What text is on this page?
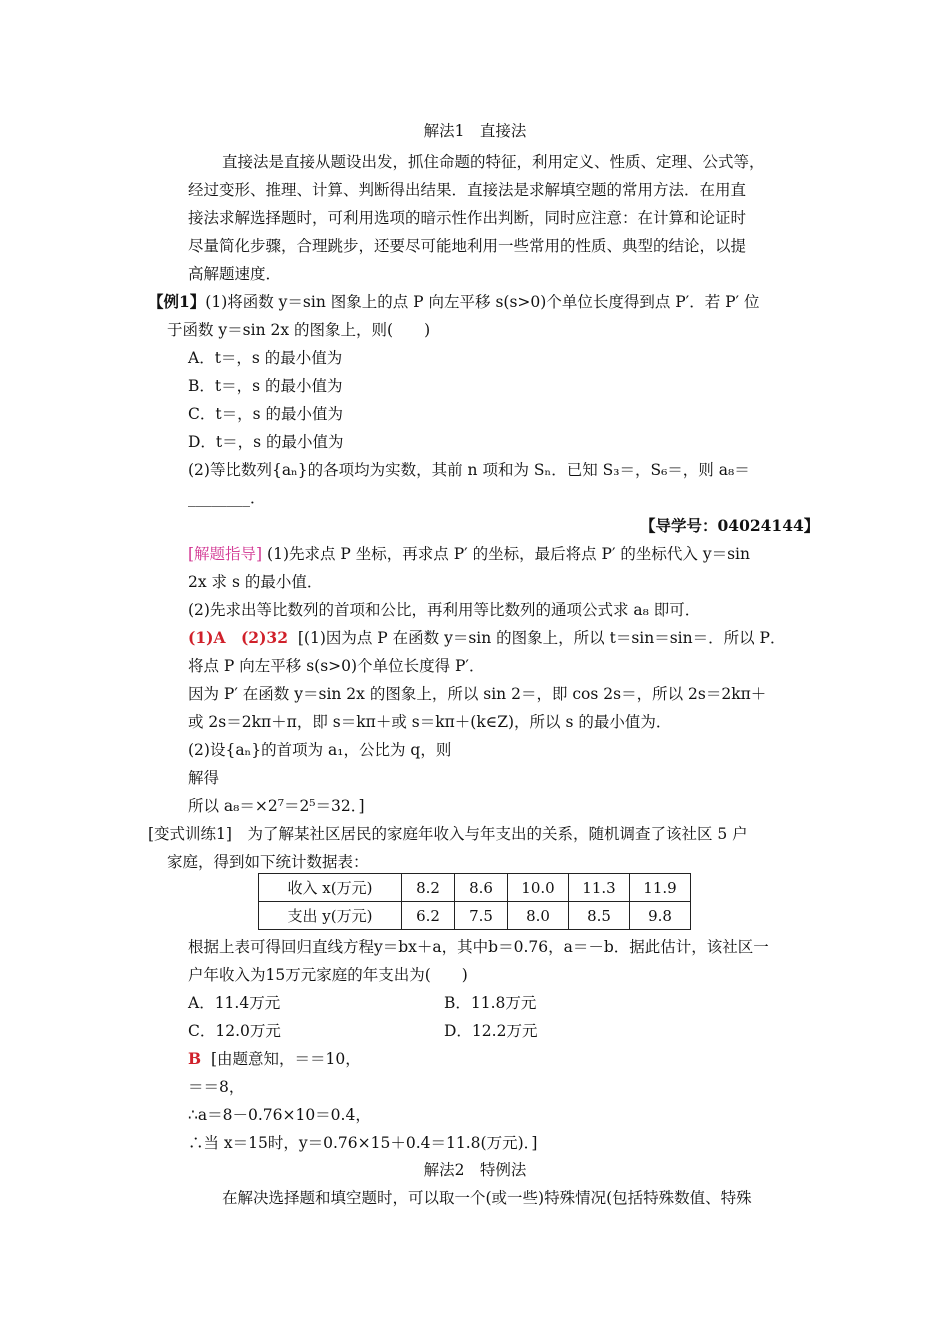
解法1　直接法
直接法是直接从题设出发，抓住命题的特征，利用定义、性质、定理、公式等，
经过变形、推理、计算、判断得出结果．直接法是求解填空题的常用方法．在用直
接法求解选择题时，可利用选项的暗示性作出判断，同时应注意：在计算和论证时
尽量简化步骤，合理跳步，还要尽可能地利用一些常用的性质、典型的结论，以提
高解题速度．
【例1】(1)将函数 y＝sin 图象上的点 P 向左平移 s(s>0)个单位长度得到点 P′．若 P′ 位
于函数 y＝sin 2x 的图象上，则(　　)
A．t＝，s 的最小值为
B．t＝，s 的最小值为
C．t＝，s 的最小值为
D．t＝，s 的最小值为
(2)等比数列{aₙ}的各项均为实数，其前 n 项和为 Sₙ．已知 S₃＝，S₆＝，则 a₈＝
________．
【导学号：04024144】
[解题指导] (1)先求点 P 坐标，再求点 P′ 的坐标，最后将点 P′ 的坐标代入 y＝sin
2x 求 s 的最小值．
(2)先求出等比数列的首项和公比，再利用等比数列的通项公式求 a₈ 即可．
(1)A　(2)32 [(1)因为点 P 在函数 y＝sin 的图象上，所以 t＝sin＝sin＝．所以 P．
将点 P 向左平移 s(s>0)个单位长度得 P′．
因为 P′ 在函数 y＝sin 2x 的图象上，所以 sin 2＝，即 cos 2s＝，所以 2s＝2kπ＋
或 2s＝2kπ＋π，即 s＝kπ＋或 s＝kπ＋(k∈Z)，所以 s 的最小值为．
(2)设{aₙ}的首项为 a₁，公比为 q，则
解得
所以 a₈＝×2⁷＝2⁵＝32．]
[变式训练1]　为了解某社区居民的家庭年收入与年支出的关系，随机调查了该社区 5 户
家庭，得到如下统计数据表：
收入 x(万元)	8.2	8.6	10.0	11.3	11.9
支出 y(万元)	6.2	7.5	8.0	8.5	9.8
根据上表可得回归直线方程y＝bx＋a，其中b＝0.76，a＝－b．据此估计，该社区一
户年收入为15万元家庭的年支出为(　　)
A．11.4万元	B．11.8万元
C．12.0万元	D．12.2万元
B [由题意知，＝＝10，
＝＝8，
∴a＝8－0.76×10＝0.4，
∴当 x＝15时，y＝0.76×15＋0.4＝11.8(万元)．]
解法2　特例法
在解决选择题和填空题时，可以取一个(或一些)特殊情况(包括特殊数值、特殊
